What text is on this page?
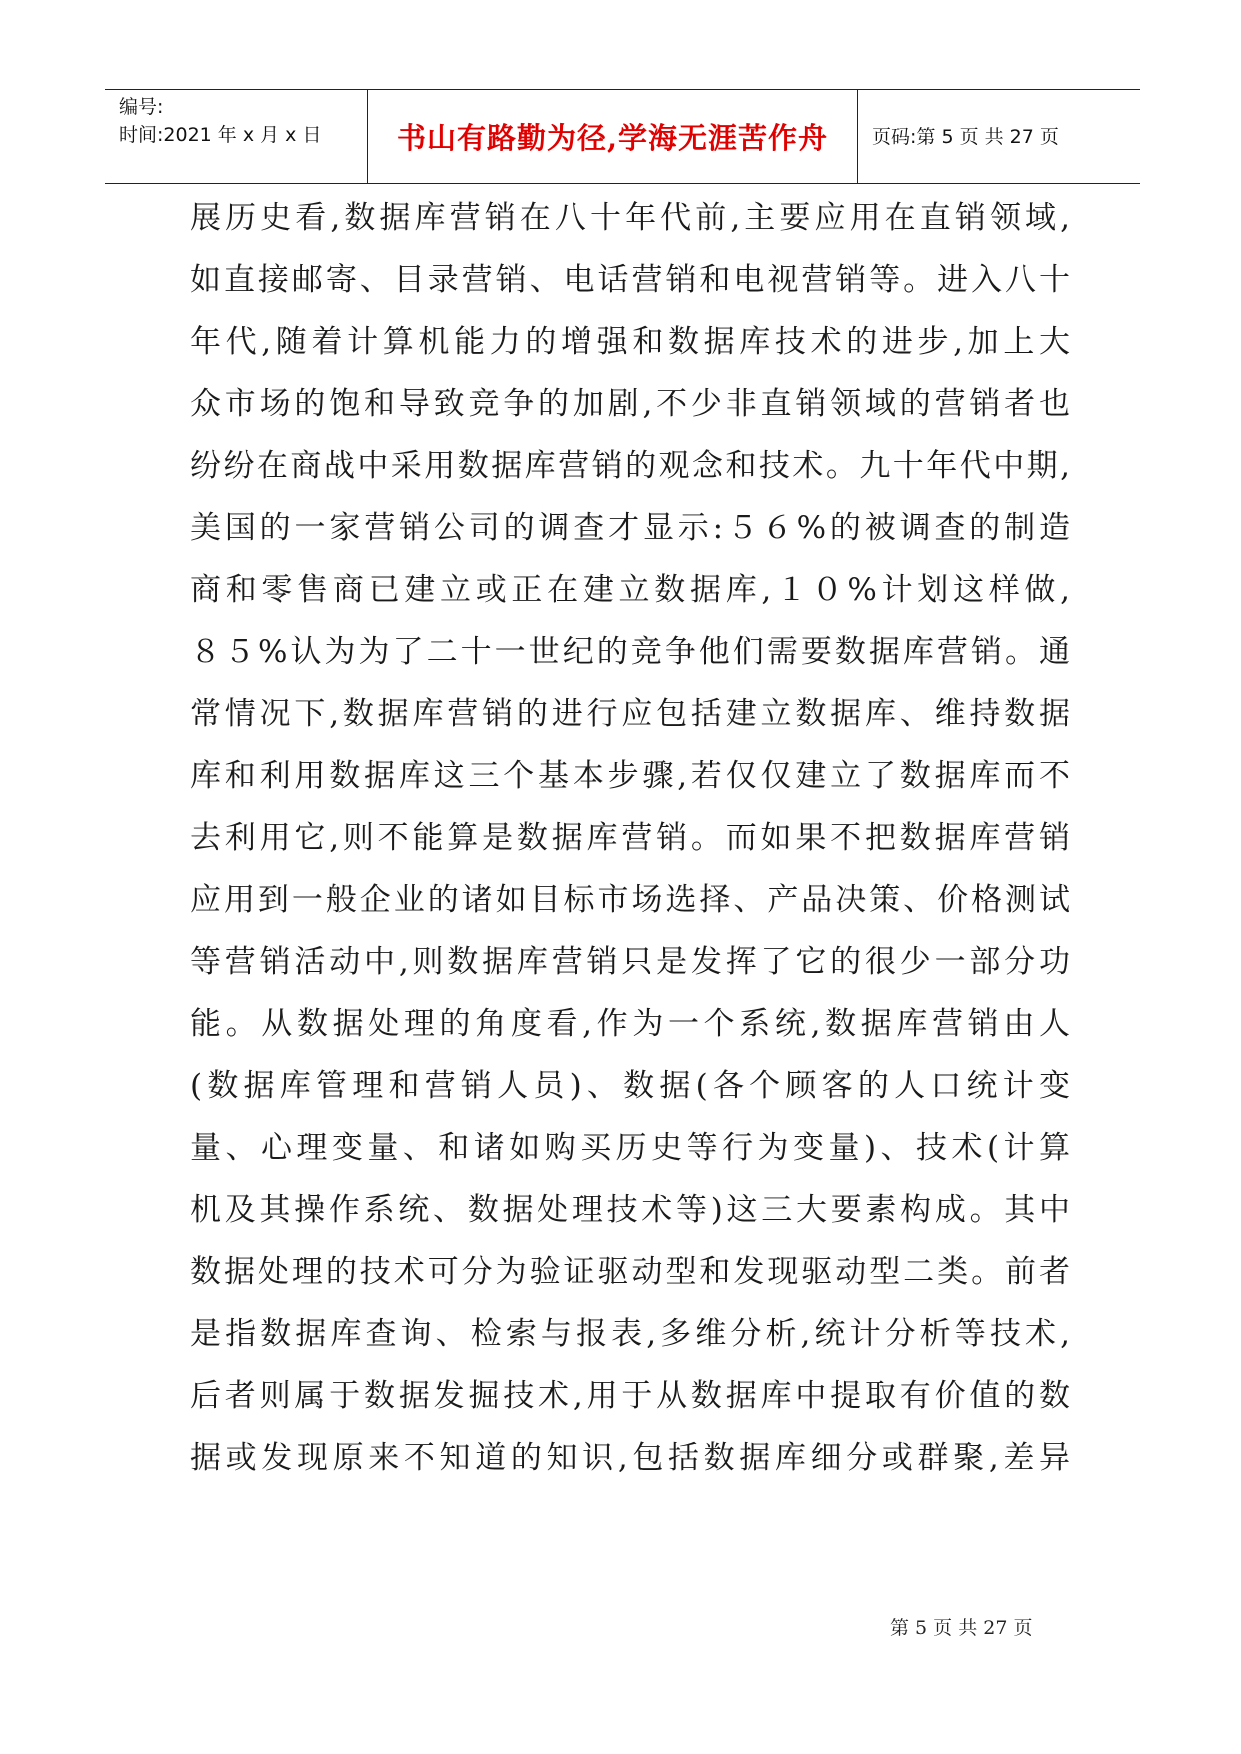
编号:
时间:2021 年 x 月 x 日	书山有路勤为径,学海无涯苦作舟 页码:第 5 页 共 27 页
展历史看,数据库营销在八十年代前,主要应用在直销领域,
如直接邮寄、目录营销、电话营销和电视营销等。进入八十
年代,随着计算机能力的增强和数据库技术的进步,加上大
众市场的饱和导致竞争的加剧,不少非直销领域的营销者也
纷纷在商战中采用数据库营销的观念和技术。九十年代中期,
美国的一家营销公司的调查才显示:５６%的被调查的制造
商和零售商已建立或正在建立数据库,１０%计划这样做,
８５%认为为了二十一世纪的竞争他们需要数据库营销。通
常情况下,数据库营销的进行应包括建立数据库、维持数据
库和利用数据库这三个基本步骤,若仅仅建立了数据库而不
去利用它,则不能算是数据库营销。而如果不把数据库营销
应用到一般企业的诸如目标市场选择、产品决策、价格测试
等营销活动中,则数据库营销只是发挥了它的很少一部分功
能。从数据处理的角度看,作为一个系统,数据库营销由人
(数据库管理和营销人员)、数据(各个顾客的人口统计变
量、心理变量、和诸如购买历史等行为变量)、技术(计算
机及其操作系统、数据处理技术等)这三大要素构成。其中
数据处理的技术可分为验证驱动型和发现驱动型二类。前者
是指数据库查询、检索与报表,多维分析,统计分析等技术,
后者则属于数据发掘技术,用于从数据库中提取有价值的数
据或发现原来不知道的知识,包括数据库细分或群聚,差异
第 5 页 共 27 页
